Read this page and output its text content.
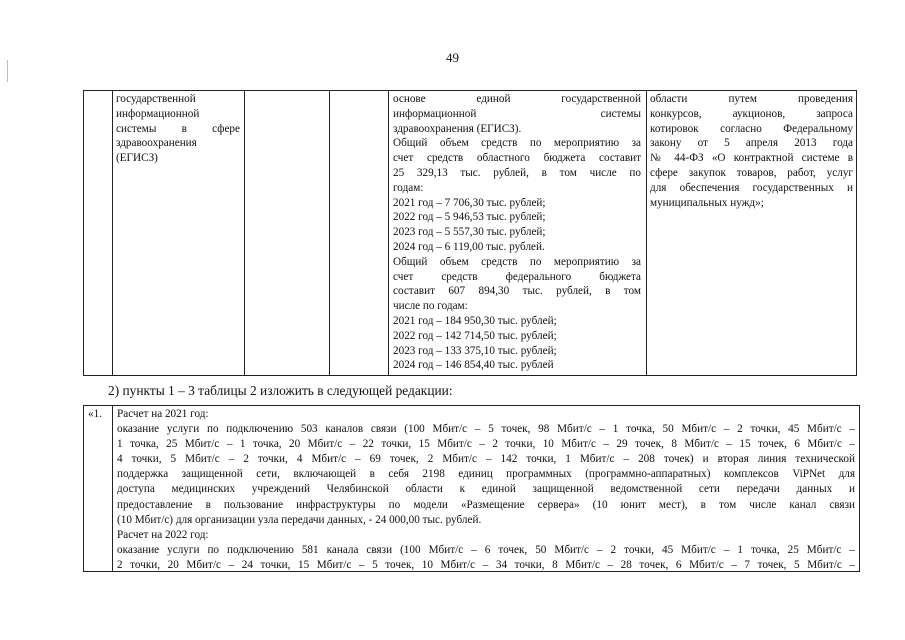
49
государственной
информационной
системы в сфере
здравоохранения
(ЕГИСЗ)
основе единой государственной
информационной системы
здравоохранения (ЕГИСЗ).
Общий объем средств по мероприятию за
счет средств областного бюджета составит
25 329,13 тыс. рублей, в том числе по
годам:
2021 год – 7 706,30 тыс. рублей;
2022 год – 5 946,53 тыс. рублей;
2023 год – 5 557,30 тыс. рублей;
2024 год – 6 119,00 тыс. рублей.
Общий объем средств по мероприятию за
счет средств федерального бюджета
составит 607 894,30 тыс. рублей, в том
числе по годам:
2021 год – 184 950,30 тыс. рублей;
2022 год – 142 714,50 тыс. рублей;
2023 год – 133 375,10 тыс. рублей;
2024 год – 146 854,40 тыс. рублей
области путем проведения
конкурсов, аукционов, запроса
котировок согласно Федеральному
закону от 5 апреля 2013 года
№ 44-ФЗ «О контрактной системе в
сфере закупок товаров, работ, услуг
для обеспечения государственных и
муниципальных нужд»;
2) пункты 1 – 3 таблицы 2 изложить в следующей редакции:
«1. Расчет на 2021 год:
оказание услуги по подключению 503 каналов связи (100 Мбит/с – 5 точек, 98 Мбит/с – 1 точка, 50 Мбит/с – 2 точки, 45 Мбит/с –
1 точка, 25 Мбит/с – 1 точка, 20 Мбит/с – 22 точки, 15 Мбит/с – 2 точки, 10 Мбит/с – 29 точек, 8 Мбит/с – 15 точек, 6 Мбит/с –
4 точки, 5 Мбит/с – 2 точки, 4 Мбит/с – 69 точек, 2 Мбит/с – 142 точки, 1 Мбит/с – 208 точек) и вторая линия технической
поддержка защищенной сети, включающей в себя 2198 единиц программных (программно-аппаратных) комплексов ViPNet для
доступа медицинских учреждений Челябинской области к единой защищенной ведомственной сети передачи данных и
предоставление в пользование инфраструктуры по модели «Размещение сервера» (10 юнит мест), в том числе канал связи
(10 Мбит/с) для организации узла передачи данных, - 24 000,00 тыс. рублей.
Расчет на 2022 год:
оказание услуги по подключению 581 канала связи (100 Мбит/с – 6 точек, 50 Мбит/с – 2 точки, 45 Мбит/с – 1 точка, 25 Мбит/с –
2 точки, 20 Мбит/с – 24 точки, 15 Мбит/с – 5 точек, 10 Мбит/с – 34 точки, 8 Мбит/с – 28 точек, 6 Мбит/с – 7 точек, 5 Мбит/с –
